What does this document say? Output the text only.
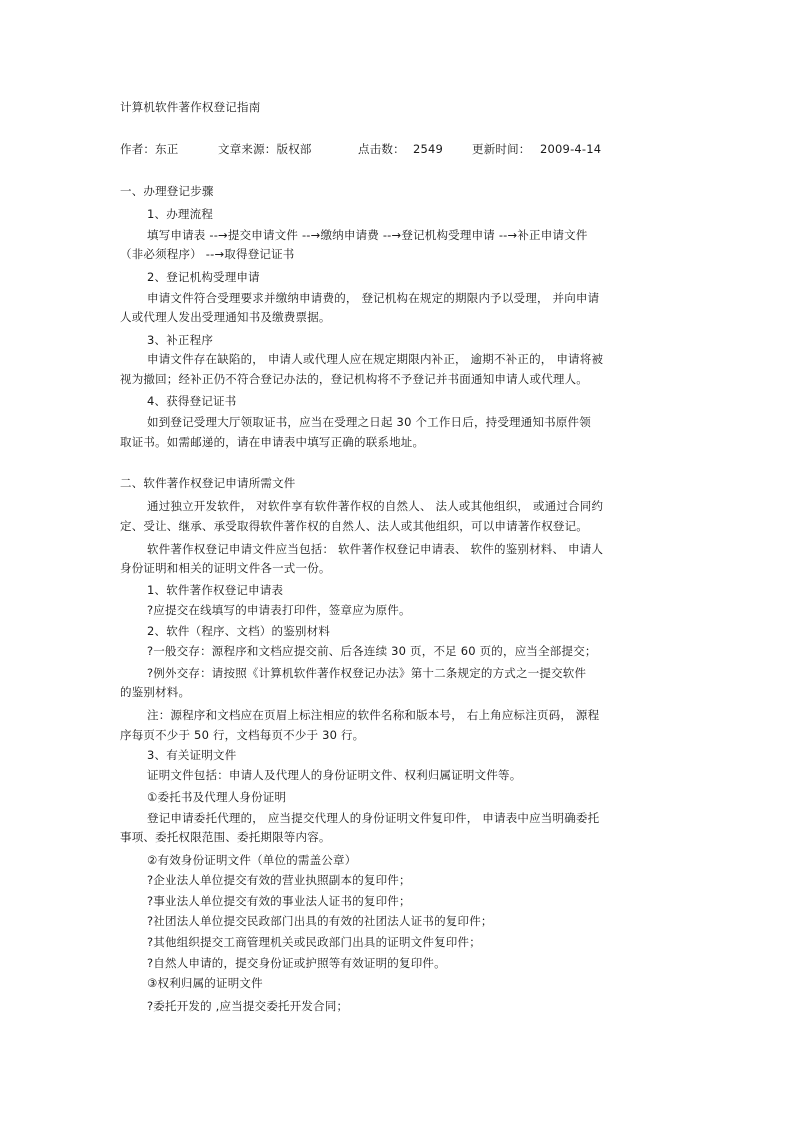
计算机软件著作权登记指南
作者：东正	文章来源：版权部	点击数： 2549	更新时间： 2009-4-14
一、办理登记步骤
1、办理流程
填写申请表 --→提交申请文件 --→缴纳申请费 --→登记机构受理申请 --→补正申请文件
（非必须程序） --→取得登记证书
2、登记机构受理申请
申请文件符合受理要求并缴纳申请费的， 登记机构在规定的期限内予以受理， 并向申请
人或代理人发出受理通知书及缴费票据。
3、补正程序
申请文件存在缺陷的， 申请人或代理人应在规定期限内补正， 逾期不补正的， 申请将被
视为撤回；经补正仍不符合登记办法的，登记机构将不予登记并书面通知申请人或代理人。
4、获得登记证书
如到登记受理大厅领取证书，应当在受理之日起 30 个工作日后，持受理通知书原件领
取证书。如需邮递的，请在申请表中填写正确的联系地址。
二、软件著作权登记申请所需文件
通过独立开发软件， 对软件享有软件著作权的自然人、 法人或其他组织， 或通过合同约
定、受让、继承、承受取得软件著作权的自然人、法人或其他组织，可以申请著作权登记。
软件著作权登记申请文件应当包括： 软件著作权登记申请表、 软件的鉴别材料、 申请人
身份证明和相关的证明文件各一式一份。
1、软件著作权登记申请表
?应提交在线填写的申请表打印件，签章应为原件。
2、软件（程序、文档）的鉴别材料
?一般交存：源程序和文档应提交前、后各连续 30 页，不足 60 页的，应当全部提交；
?例外交存：请按照《计算机软件著作权登记办法》第十二条规定的方式之一提交软件
的鉴别材料。
注：源程序和文档应在页眉上标注相应的软件名称和版本号， 右上角应标注页码， 源程
序每页不少于 50 行，文档每页不少于 30 行。
3、有关证明文件
证明文件包括：申请人及代理人的身份证明文件、权利归属证明文件等。
①委托书及代理人身份证明
登记申请委托代理的， 应当提交代理人的身份证明文件复印件， 申请表中应当明确委托
事项、委托权限范围、委托期限等内容。
②有效身份证明文件（单位的需盖公章）
?企业法人单位提交有效的营业执照副本的复印件；
?事业法人单位提交有效的事业法人证书的复印件；
?社团法人单位提交民政部门出具的有效的社团法人证书的复印件；
?其他组织提交工商管理机关或民政部门出具的证明文件复印件；
?自然人申请的，提交身份证或护照等有效证明的复印件。
③权利归属的证明文件
?委托开发的 ,应当提交委托开发合同；
